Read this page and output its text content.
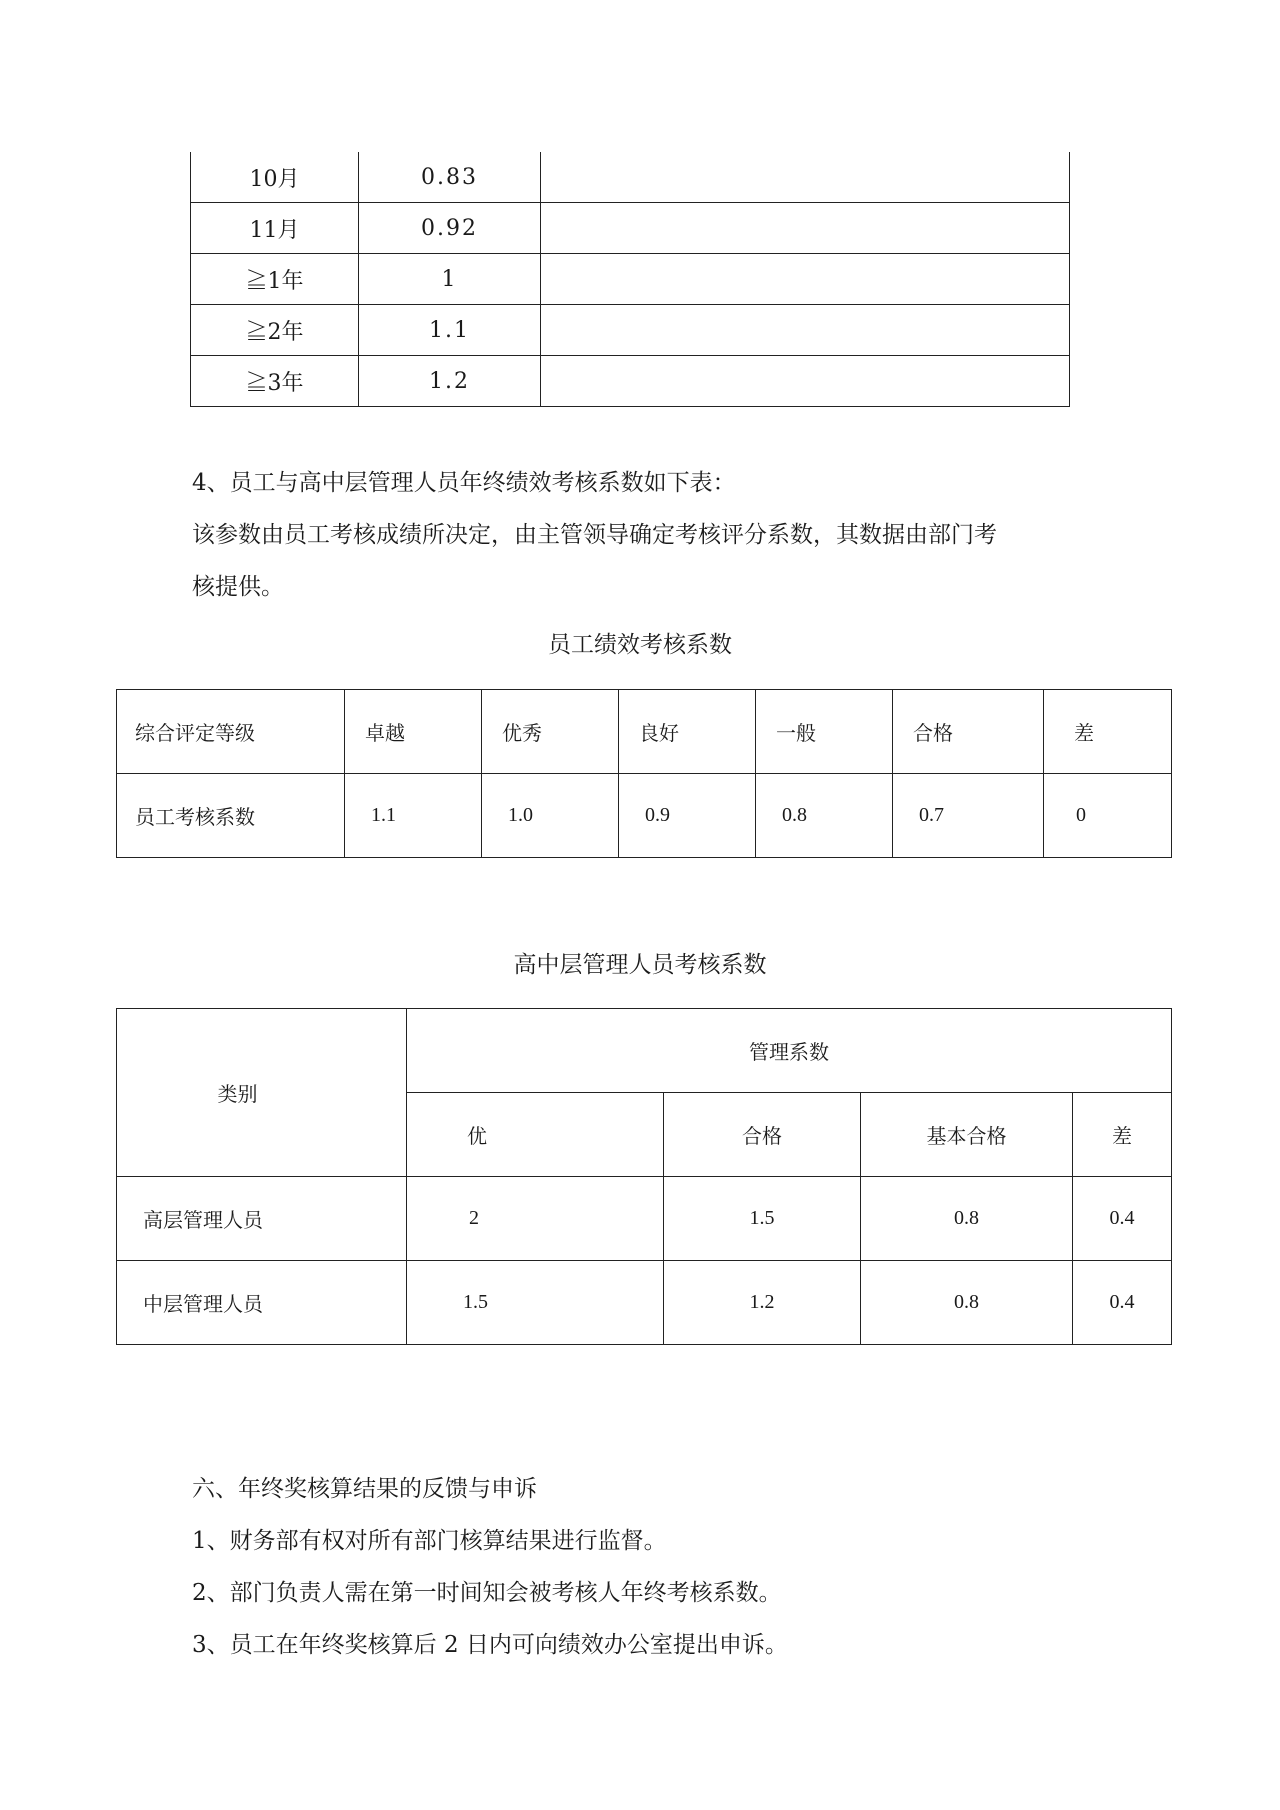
10月	0.83	
11月	0.92	
≧1年	1	
≧2年	1.1	
≧3年	1.2	
4、员工与高中层管理人员年终绩效考核系数如下表：
该参数由员工考核成绩所决定，由主管领导确定考核评分系数，其数据由部门考
核提供。
员工绩效考核系数
综合评定等级	卓越	优秀	良好	一般	合格	差
员工考核系数	1.1	1.0	0.9	0.8	0.7	0
高中层管理人员考核系数
类别	管理系数			
	优	合格	基本合格	差
高层管理人员	2	1.5	0.8	0.4
中层管理人员	1.5	1.2	0.8	0.4
六、年终奖核算结果的反馈与申诉
1、财务部有权对所有部门核算结果进行监督。
2、部门负责人需在第一时间知会被考核人年终考核系数。
3、员工在年终奖核算后 2 日内可向绩效办公室提出申诉。
